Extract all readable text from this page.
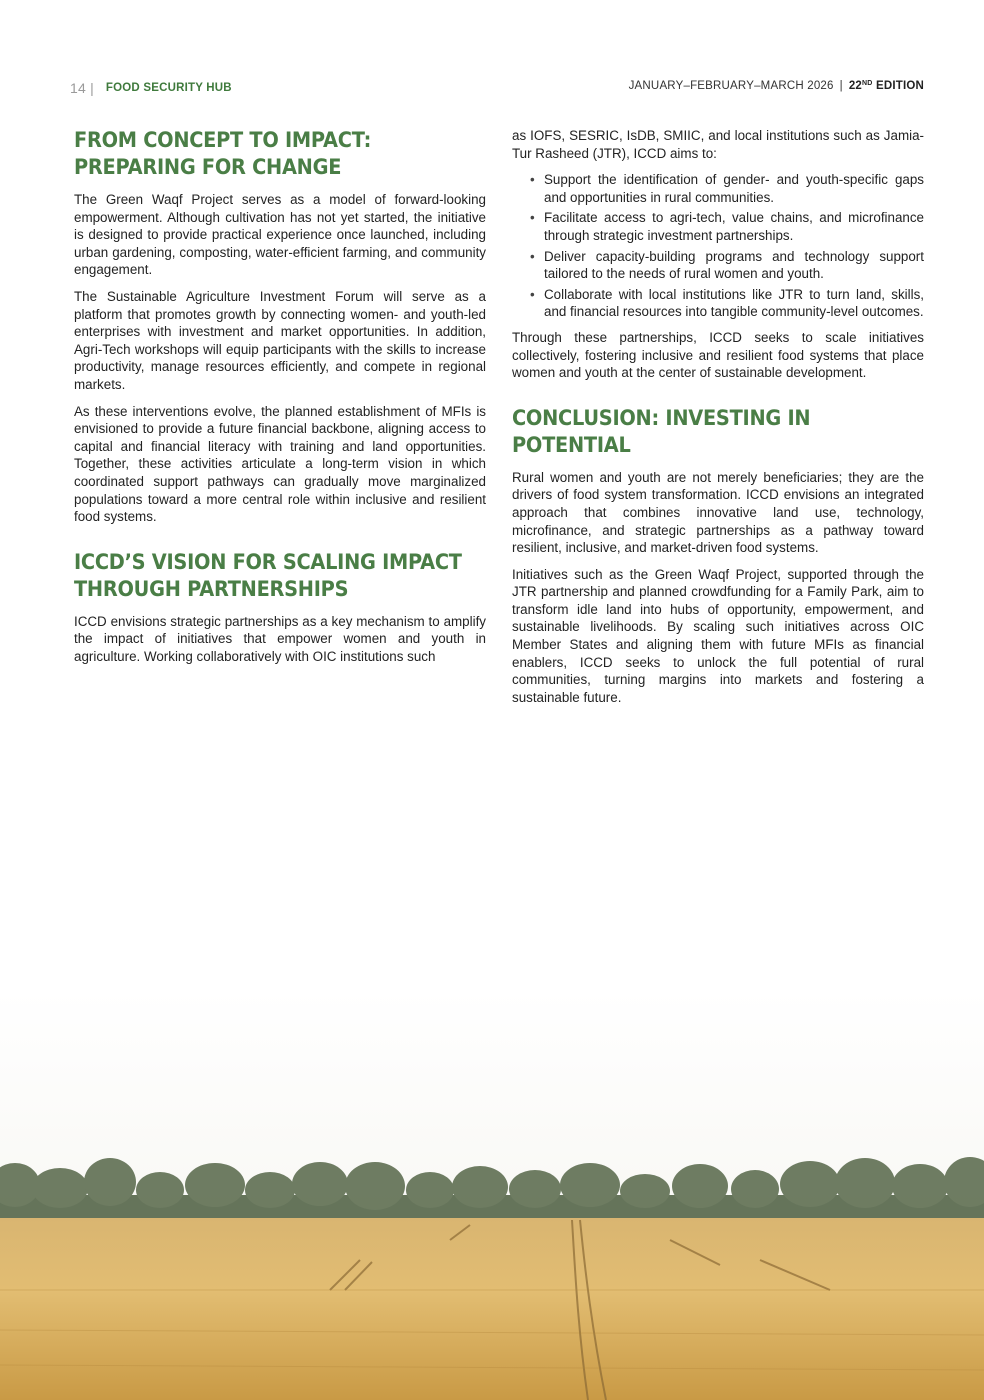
14 | FOOD SECURITY HUB	JANUARY–FEBRUARY–MARCH 2026 | 22ND EDITION
FROM CONCEPT TO IMPACT: PREPARING FOR CHANGE

The Green Waqf Project serves as a model of forward-looking empowerment. Although cultivation has not yet started, the initiative is designed to provide practical experience once launched, including urban gardening, composting, water-efficient farming, and community engagement.

The Sustainable Agriculture Investment Forum will serve as a platform that promotes growth by connecting women- and youth-led enterprises with investment and market opportunities. In addition, Agri-Tech workshops will equip participants with the skills to increase productivity, manage resources efficiently, and compete in regional markets.

As these interventions evolve, the planned establishment of MFIs is envisioned to provide a future financial backbone, aligning access to capital and financial literacy with training and land opportunities. Together, these activities articulate a long-term vision in which coordinated support pathways can gradually move marginalized populations toward a more central role within inclusive and resilient food systems.

ICCD’S VISION FOR SCALING IMPACT THROUGH PARTNERSHIPS

ICCD envisions strategic partnerships as a key mechanism to amplify the impact of initiatives that empower women and youth in agriculture. Working collaboratively with OIC institutions such

as IOFS, SESRIC, IsDB, SMIIC, and local institutions such as Jamia-Tur Rasheed (JTR), ICCD aims to:

• Support the identification of gender- and youth-specific gaps and opportunities in rural communities.
• Facilitate access to agri-tech, value chains, and microfinance through strategic investment partnerships.
• Deliver capacity-building programs and technology support tailored to the needs of rural women and youth.
• Collaborate with local institutions like JTR to turn land, skills, and financial resources into tangible community-level outcomes.

Through these partnerships, ICCD seeks to scale initiatives collectively, fostering inclusive and resilient food systems that place women and youth at the center of sustainable development.

CONCLUSION: INVESTING IN POTENTIAL

Rural women and youth are not merely beneficiaries; they are the drivers of food system transformation. ICCD envisions an integrated approach that combines innovative land use, technology, microfinance, and strategic partnerships as a pathway toward resilient, inclusive, and market-driven food systems.

Initiatives such as the Green Waqf Project, supported through the JTR partnership and planned crowdfunding for a Family Park, aim to transform idle land into hubs of opportunity, empowerment, and sustainable livelihoods. By scaling such initiatives across OIC Member States and aligning them with future MFIs as financial enablers, ICCD seeks to unlock the full potential of rural communities, turning margins into markets and fostering a sustainable future.
